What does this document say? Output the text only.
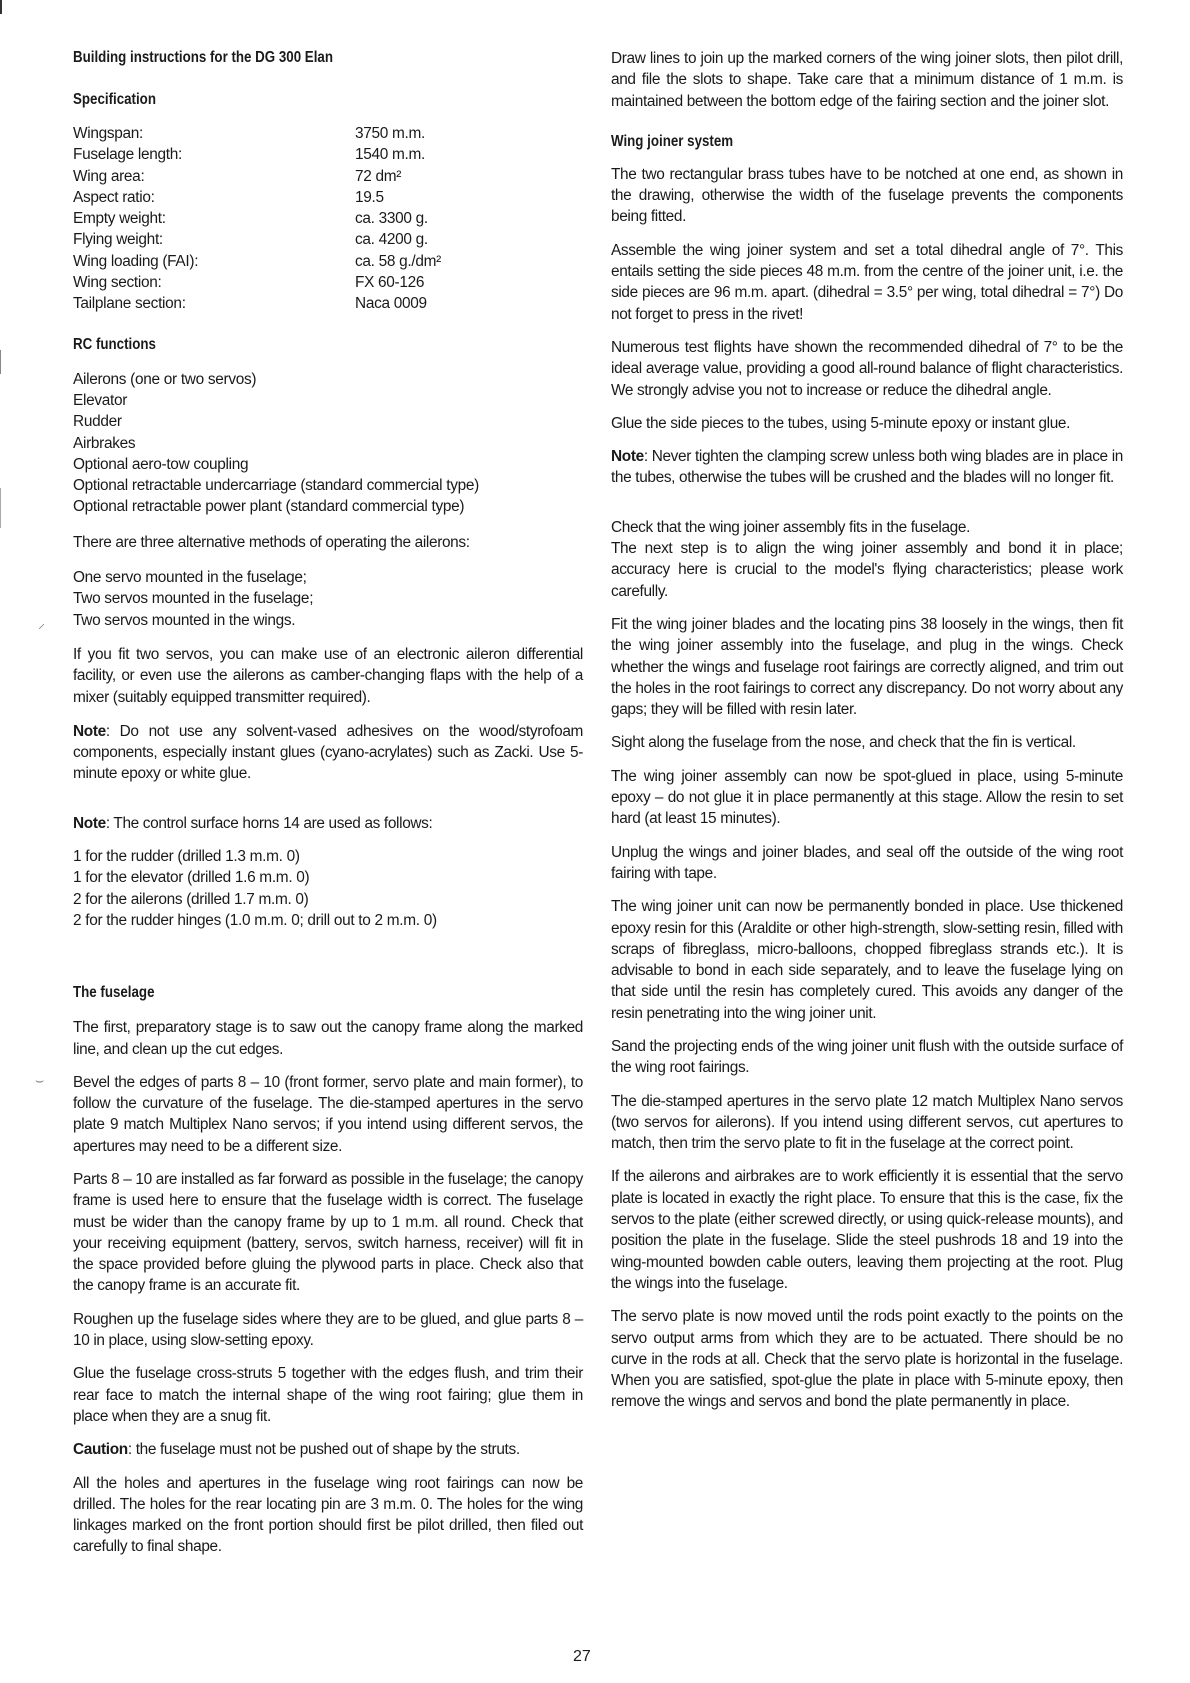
⸝
⌣
Building instructions for the DG 300 Elan
Specification
Wingspan:	3750 m.m.
Fuselage length:	1540 m.m.
Wing area:	72 dm²
Aspect ratio:	19.5
Empty weight:	ca. 3300 g.
Flying weight:	ca. 4200 g.
Wing loading (FAI):	ca. 58 g./dm²
Wing section:	FX 60-126
Tailplane section:	Naca 0009
RC functions

Ailerons (one or two servos)

Elevator

Rudder

Airbrakes

Optional aero-tow coupling

Optional retractable undercarriage (standard commercial type)

Optional retractable power plant (standard commercial type)

There are three alternative methods of operating the ailerons:

One servo mounted in the fuselage;

Two servos mounted in the fuselage;

Two servos mounted in the wings.

If you fit two servos, you can make use of an electronic aileron differential facility, or even use the ailerons as camber-changing flaps with the help of a mixer (suitably equipped transmitter required).

Note: Do not use any solvent-vased adhesives on the wood/styrofoam components, especially instant glues (cyano-acrylates) such as Zacki. Use 5-minute epoxy or white glue.

Note: The control surface horns 14 are used as follows:

1 for the rudder (drilled 1.3 m.m. 0)

1 for the elevator (drilled 1.6 m.m. 0)

2 for the ailerons (drilled 1.7 m.m. 0)

2 for the rudder hinges (1.0 m.m. 0; drill out to 2 m.m. 0)

The fuselage

The first, preparatory stage is to saw out the canopy frame along the marked line, and clean up the cut edges.

Bevel the edges of parts 8 – 10 (front former, servo plate and main former), to follow the curvature of the fuselage. The die-stamped apertures in the servo plate 9 match Multiplex Nano servos; if you intend using different servos, the apertures may need to be a different size.

Parts 8 – 10 are installed as far forward as possible in the fuselage; the canopy frame is used here to ensure that the fuselage width is correct. The fuselage must be wider than the canopy frame by up to 1 m.m. all round. Check that your receiving equipment (battery, servos, switch harness, receiver) will fit in the space provided before gluing the plywood parts in place. Check also that the canopy frame is an accurate fit.

Roughen up the fuselage sides where they are to be glued, and glue parts 8 – 10 in place, using slow-setting epoxy.

Glue the fuselage cross-struts 5 together with the edges flush, and trim their rear face to match the internal shape of the wing root fairing; glue them in place when they are a snug fit.

Caution: the fuselage must not be pushed out of shape by the struts.

All the holes and apertures in the fuselage wing root fairings can now be drilled. The holes for the rear locating pin are 3 m.m. 0. The holes for the wing linkages marked on the front portion should first be pilot drilled, then filed out carefully to final shape.

Draw lines to join up the marked corners of the wing joiner slots, then pilot drill, and file the slots to shape. Take care that a minimum distance of 1 m.m. is maintained between the bottom edge of the fairing section and the joiner slot.

Wing joiner system

The two rectangular brass tubes have to be notched at one end, as shown in the drawing, otherwise the width of the fuselage prevents the components being fitted.

Assemble the wing joiner system and set a total dihedral angle of 7°. This entails setting the side pieces 48 m.m. from the centre of the joiner unit, i.e. the side pieces are 96 m.m. apart. (dihedral = 3.5° per wing, total dihedral = 7°) Do not forget to press in the rivet!

Numerous test flights have shown the recommended dihedral of 7° to be the ideal average value, providing a good all-round balance of flight characteristics. We strongly advise you not to increase or reduce the dihedral angle.

Glue the side pieces to the tubes, using 5-minute epoxy or instant glue.

Note: Never tighten the clamping screw unless both wing blades are in place in the tubes, otherwise the tubes will be crushed and the blades will no longer fit.

Check that the wing joiner assembly fits in the fuselage.

The next step is to align the wing joiner assembly and bond it in place; accuracy here is crucial to the model's flying characteristics; please work carefully.

Fit the wing joiner blades and the locating pins 38 loosely in the wings, then fit the wing joiner assembly into the fuselage, and plug in the wings. Check whether the wings and fuselage root fairings are correctly aligned, and trim out the holes in the root fairings to correct any discrepancy. Do not worry about any gaps; they will be filled with resin later.

Sight along the fuselage from the nose, and check that the fin is vertical.

The wing joiner assembly can now be spot-glued in place, using 5-minute epoxy – do not glue it in place permanently at this stage. Allow the resin to set hard (at least 15 minutes).

Unplug the wings and joiner blades, and seal off the outside of the wing root fairing with tape.

The wing joiner unit can now be permanently bonded in place. Use thickened epoxy resin for this (Araldite or other high-strength, slow-setting resin, filled with scraps of fibreglass, micro-balloons, chopped fibreglass strands etc.). It is advisable to bond in each side separately, and to leave the fuselage lying on that side until the resin has completely cured. This avoids any danger of the resin penetrating into the wing joiner unit.

Sand the projecting ends of the wing joiner unit flush with the outside surface of the wing root fairings.

The die-stamped apertures in the servo plate 12 match Multiplex Nano servos (two servos for ailerons). If you intend using different servos, cut apertures to match, then trim the servo plate to fit in the fuselage at the correct point.

If the ailerons and airbrakes are to work efficiently it is essential that the servo plate is located in exactly the right place. To ensure that this is the case, fix the servos to the plate (either screwed directly, or using quick-release mounts), and position the plate in the fuselage. Slide the steel pushrods 18 and 19 into the wing-mounted bowden cable outers, leaving them projecting at the root. Plug the wings into the fuselage.

The servo plate is now moved until the rods point exactly to the points on the servo output arms from which they are to be actuated. There should be no curve in the rods at all. Check that the servo plate is horizontal in the fuselage. When you are satisfied, spot-glue the plate in place with 5-minute epoxy, then remove the wings and servos and bond the plate permanently in place.

27
